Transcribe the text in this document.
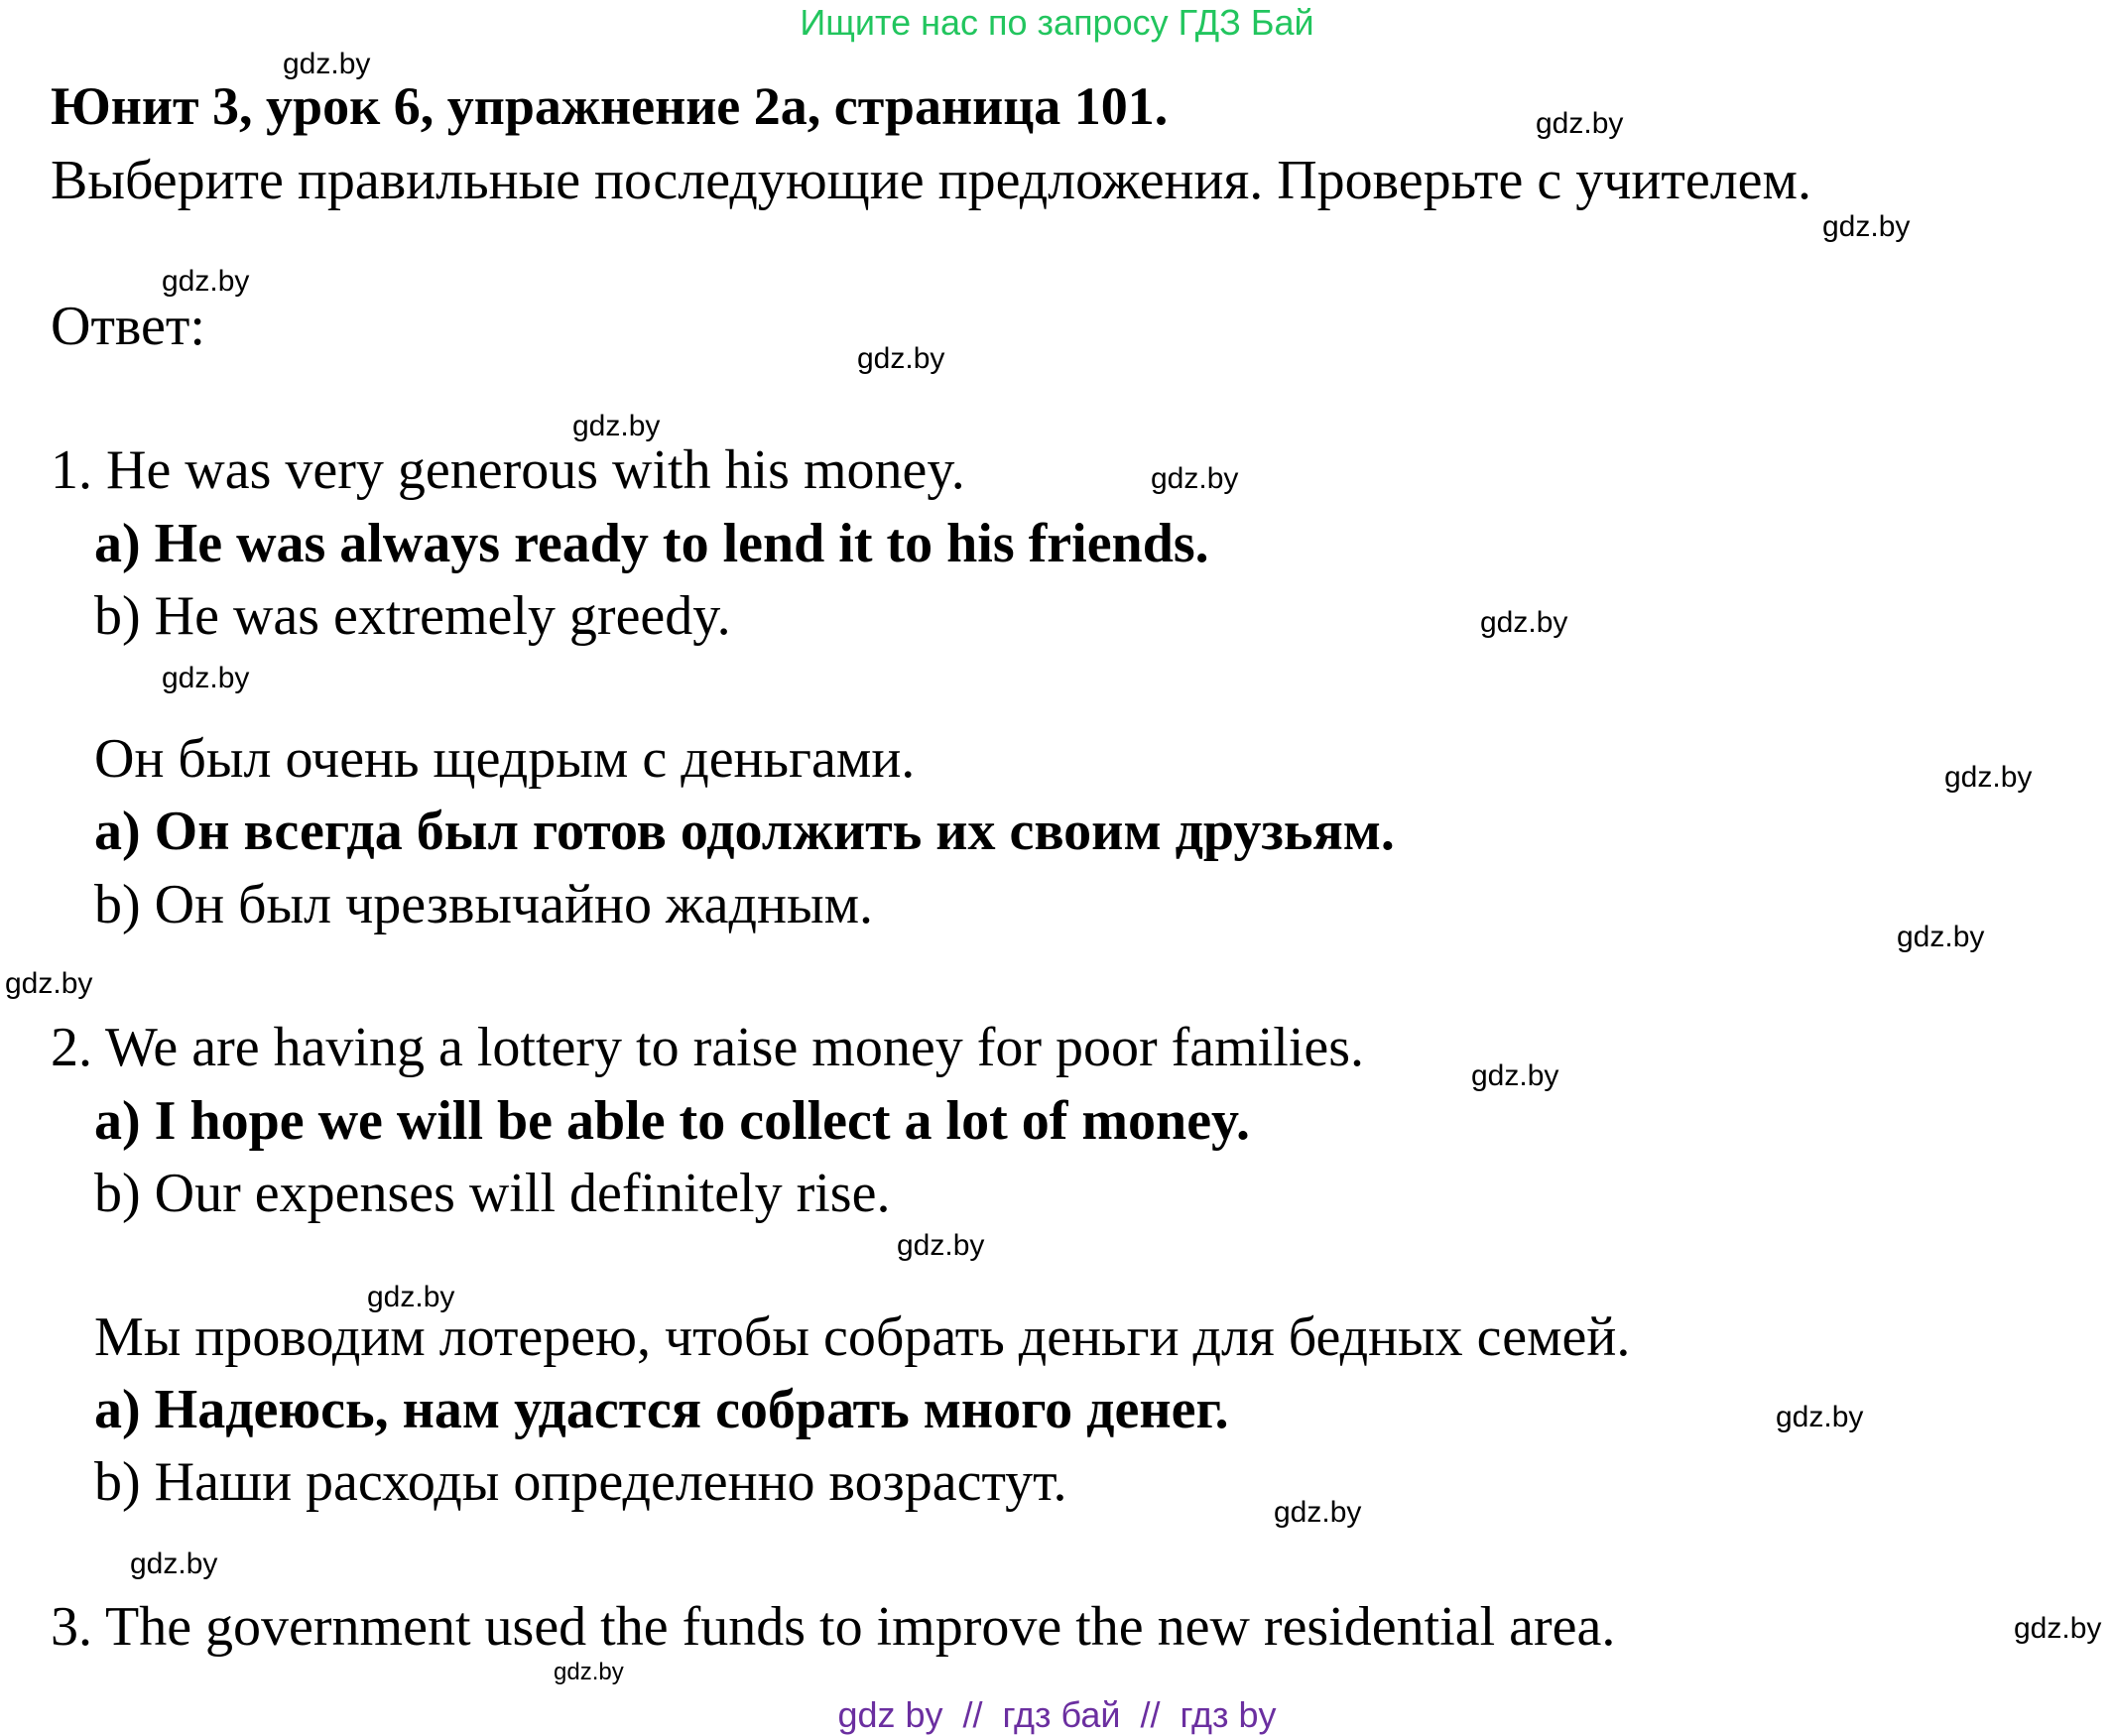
Ищите нас по запросу ГДЗ Бай
gdz.by
gdz.by
gdz.by
gdz.by
gdz.by
gdz.by
gdz.by
gdz.by
gdz.by
gdz.by
gdz.by
gdz.by
gdz.by
gdz.by
gdz.by
gdz.by
gdz.by
gdz.by
gdz.by
gdz.by
Юнит 3, урок 6, упражнение 2а, страница 101.
Выберите правильные последующие предложения. Проверьте с учителем.
Ответ:
1. He was very generous with his money.
a) He was always ready to lend it to his friends.
b) He was extremely greedy.
Он был очень щедрым с деньгами.
а) Он всегда был готов одолжить их своим друзьям.
b) Он был чрезвычайно жадным.
2. We are having a lottery to raise money for poor families.
a) I hope we will be able to collect a lot of money.
b) Our expenses will definitely rise.
Мы проводим лотерею, чтобы собрать деньги для бедных семей.
а) Надеюсь, нам удастся собрать много денег.
b) Наши расходы определенно возрастут.
3. The government used the funds to improve the new residential area.
gdz by  //  гдз бай  //  гдз by
